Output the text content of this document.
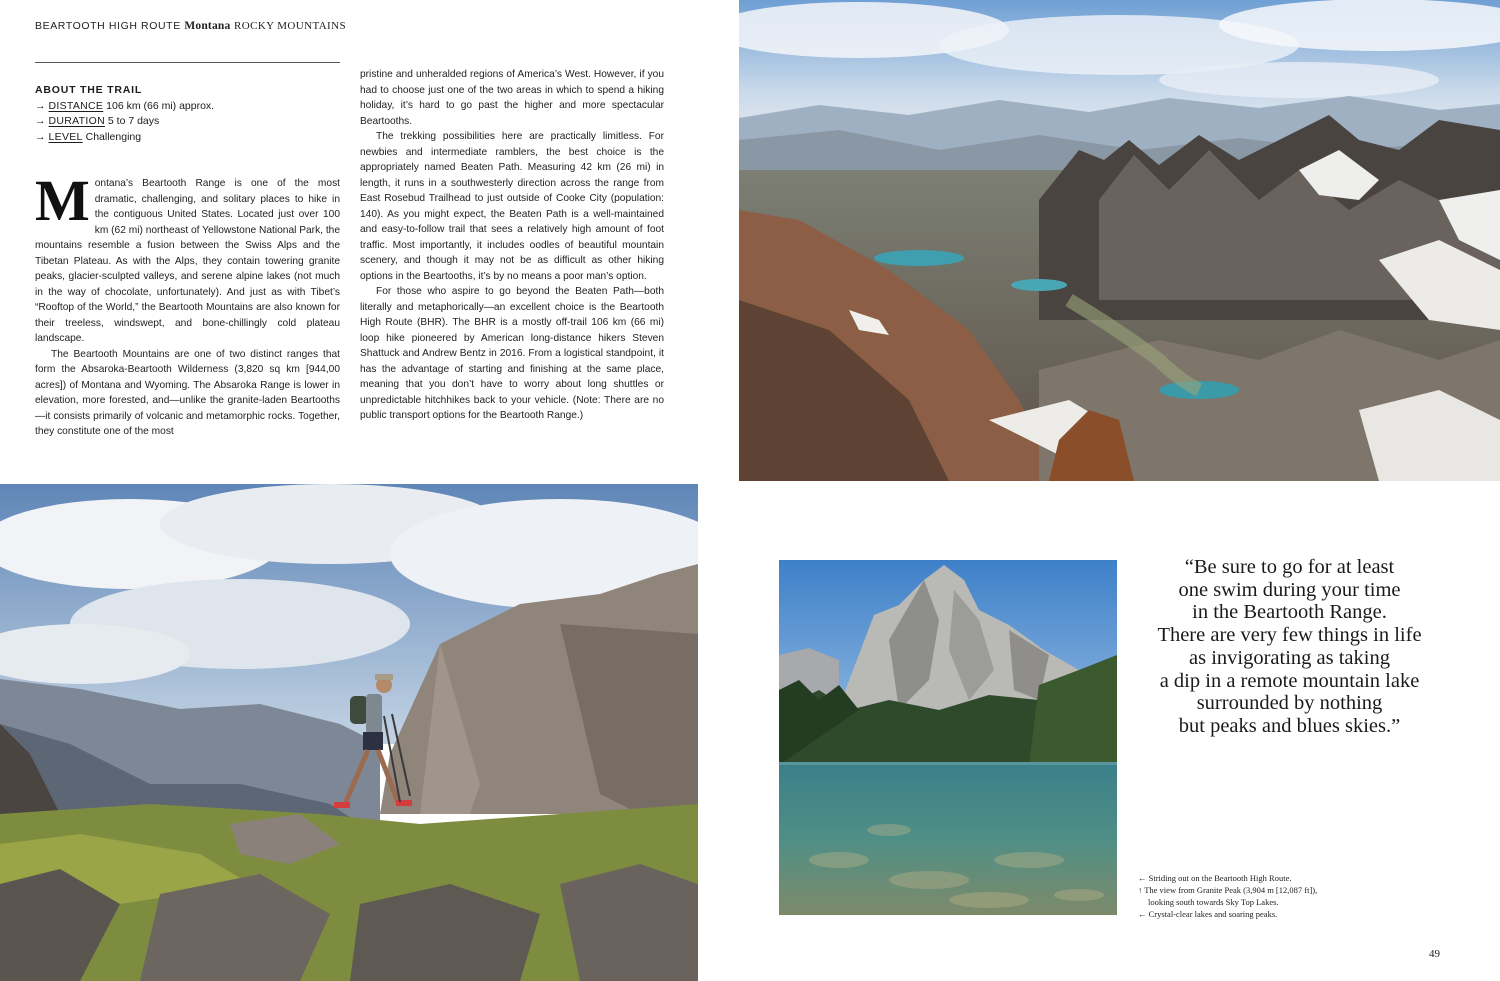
BEARTOOTH HIGH ROUTE Montana ROCKY MOUNTAINS
ABOUT THE TRAIL
→ DISTANCE 106 km (66 mi) approx.
→ DURATION 5 to 7 days
→ LEVEL Challenging

Montana’s Beartooth Range is one of the most dramatic, challenging, and solitary places to hike in the contiguous United States. Located just over 100 km (62 mi) northeast of Yellowstone National Park, the mountains resemble a fusion between the Swiss Alps and the Tibetan Plateau. As with the Alps, they contain towering granite peaks, glacier-sculpted valleys, and serene alpine lakes (not much in the way of chocolate, unfortunately). And just as with Tibet’s “Rooftop of the World,” the Beartooth Mountains are also known for their treeless, windswept, and bone-chillingly cold plateau landscape.

The Beartooth Mountains are one of two distinct ranges that form the Absaroka-Beartooth Wilderness (3,820 sq km [944,00 acres]) of Montana and Wyoming. The Absaroka Range is lower in elevation, more forested, and—unlike the granite-laden Beartooths—it consists primarily of volcanic and metamorphic rocks. Together, they constitute one of the most

pristine and unheralded regions of America’s West. However, if you had to choose just one of the two areas in which to spend a hiking holiday, it’s hard to go past the higher and more spectacular Beartooths.

The trekking possibilities here are practically limitless. For newbies and intermediate ramblers, the best choice is the appropriately named Beaten Path. Measuring 42 km (26 mi) in length, it runs in a southwesterly direction across the range from East Rosebud Trailhead to just outside of Cooke City (population: 140). As you might expect, the Beaten Path is a well-maintained and easy-to-follow trail that sees a relatively high amount of foot traffic. Most importantly, it includes oodles of beautiful mountain scenery, and though it may not be as difficult as other hiking options in the Beartooths, it’s by no means a poor man’s option.

For those who aspire to go beyond the Beaten Path—both literally and metaphorically—an excellent choice is the Beartooth High Route (BHR). The BHR is a mostly off-trail 106 km (66 mi) loop hike pioneered by American long-distance hikers Steven Shattuck and Andrew Bentz in 2016. From a logistical standpoint, it has the advantage of starting and finishing at the same place, meaning that you don’t have to worry about long shuttles or unpredictable hitchhikes back to your vehicle. (Note: There are no public transport options for the Beartooth Range.)

“Be sure to go for at least
one swim during your time
in the Beartooth Range.
There are very few things in life
as invigorating as taking
a dip in a remote mountain lake
surrounded by nothing
but peaks and blues skies.”
← Striding out on the Beartooth High Route.
↑ The view from Granite Peak (3,904 m [12,087 ft]),
looking south towards Sky Top Lakes.
← Crystal-clear lakes and soaring peaks.
49
